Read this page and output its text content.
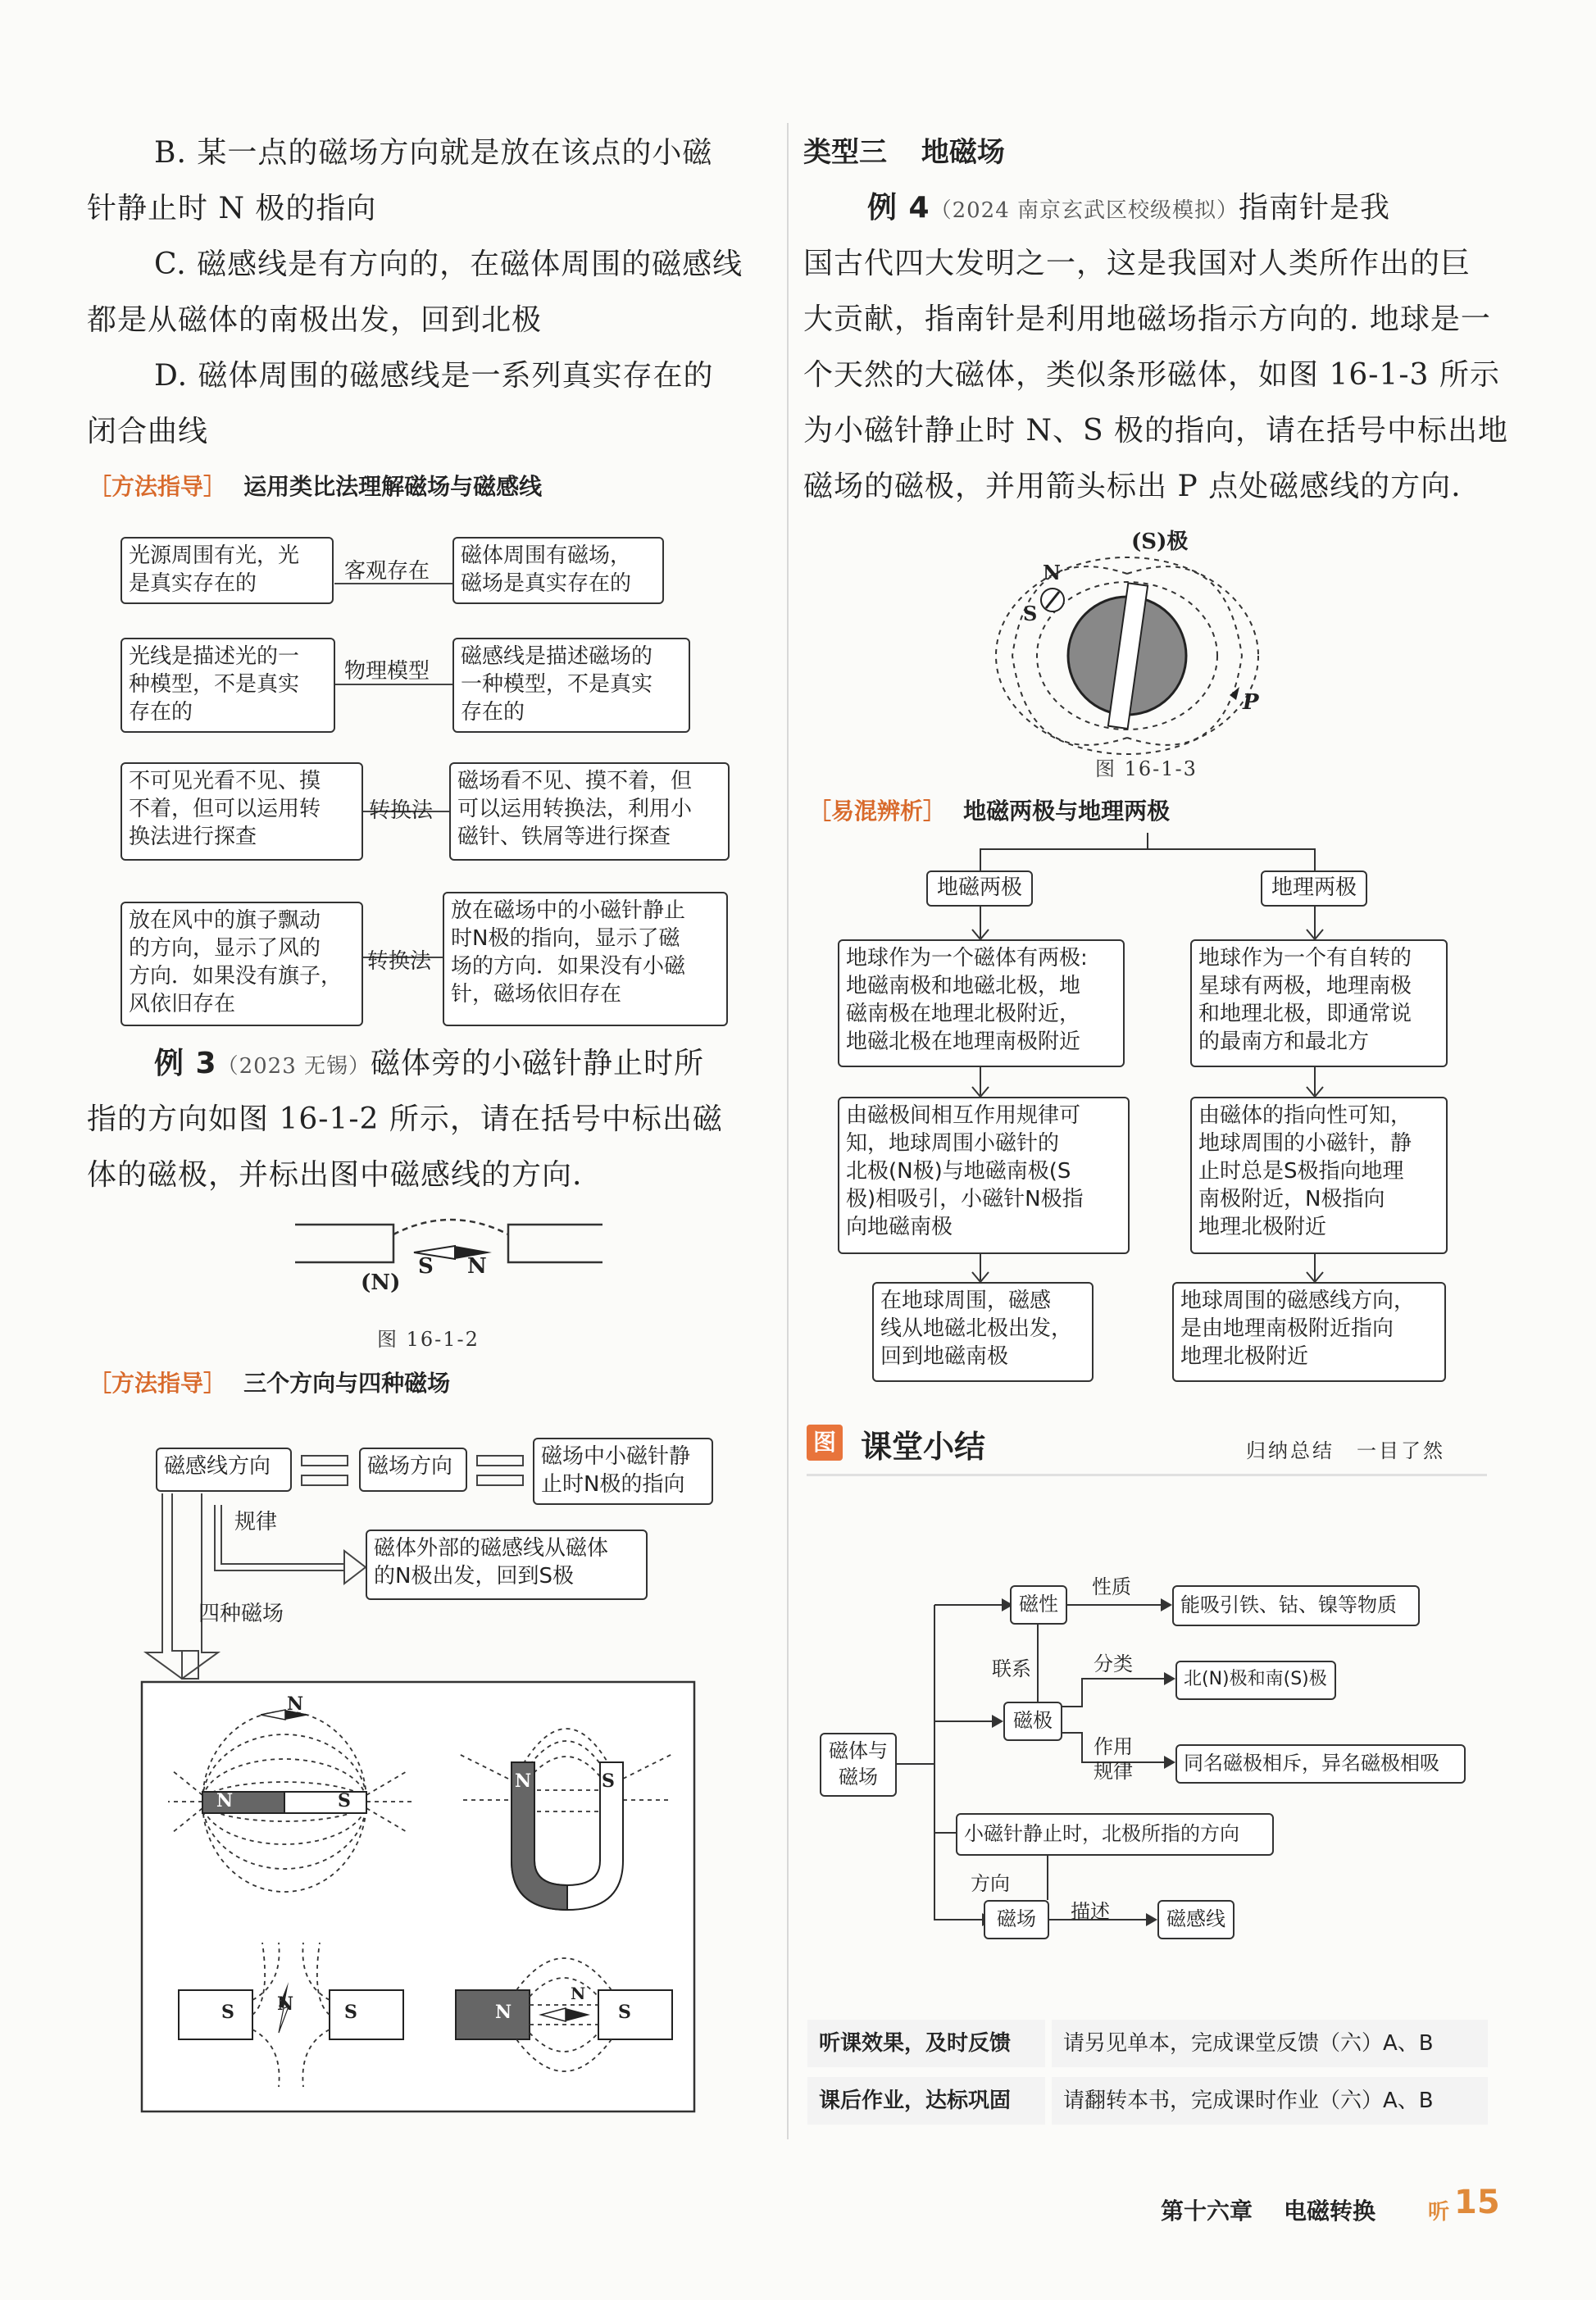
B. 某一点的磁场方向就是放在该点的小磁
针静止时 N 极的指向
C. 磁感线是有方向的，在磁体周围的磁感线
都是从磁体的南极出发，回到北极
D. 磁体周围的磁感线是一系列真实存在的
闭合曲线
［方法指导］ 运用类比法理解磁场与磁感线
光源周围有光，光
是真实存在的	客观存在
磁体周围有磁场，
磁场是真实存在的
光线是描述光的一
种模型，不是真实
存在的
物理模型
磁感线是描述磁场的
一种模型，不是真实
存在的
不可见光看不见、摸
不着，但可以运用转
换法进行探查
转换法
磁场看不见、摸不着，但
可以运用转换法，利用小
磁针、铁屑等进行探查
放在风中的旗子飘动
的方向，显示了风的
方向．如果没有旗子，
风依旧存在
转换法
放在磁场中的小磁针静止
时N极的指向，显示了磁
场的方向．如果没有小磁
针，磁场依旧存在
例 3（2023 无锡）磁体旁的小磁针静止时所
指的方向如图 16-1-2 所示，请在括号中标出磁
体的磁极，并标出图中磁感线的方向.
(N)
S N
图 16-1-2
［方法指导］ 三个方向与四种磁场
磁感线方向	磁场方向	磁场中小磁针静
止时N极的指向
规律
磁体外部的磁感线从磁体
的N极出发，回到S极
四种磁场
N	S
N
N	S
S	S
N	N	S
N
类型三 地磁场
例 4（2024 南京玄武区校级模拟）指南针是我
国古代四大发明之一，这是我国对人类所作出的巨
大贡献，指南针是利用地磁场指示方向的. 地球是一
个天然的大磁体，类似条形磁体，如图 16-1-3 所示
为小磁针静止时 N、S 极的指向，请在括号中标出地
磁场的磁极，并用箭头标出 P 点处磁感线的方向.
(S)极
N
S
P
图 16-1-3
［易混辨析］ 地磁两极与地理两极
地磁两极	地理两极
地球作为一个磁体有两极:
地磁南极和地磁北极，地
磁南极在地理北极附近，
地磁北极在地理南极附近
地球作为一个有自转的
星球有两极，地理南极
和地理北极，即通常说
的最南方和最北方
由磁极间相互作用规律可
知，地球周围小磁针的
北极(N极)与地磁南极(S
极)相吸引，小磁针N极指
向地磁南极
由磁体的指向性可知，
地球周围的小磁针，静
止时总是S极指向地理
南极附近，N极指向
地理北极附近
在地球周围，磁感
线从地磁北极出发，
回到地磁南极
地球周围的磁感线方向，
是由地理南极附近指向
地理北极附近
图 课堂小结	归纳总结　一目了然
磁体与
磁场
磁性
性质
能吸引铁、钴、镍等物质
联系
磁极
分类
北(N)极和南(S)极
作用
规律	同名磁极相斥，异名磁极相吸
小磁针静止时，北极所指的方向
方向
磁场	描述	磁感线
听课效果，及时反馈	请另见单本，完成课堂反馈（六）A、B
课后作业，达标巩固	请翻转本书，完成课时作业（六）A、B
第十六章 电磁转换 听 15
